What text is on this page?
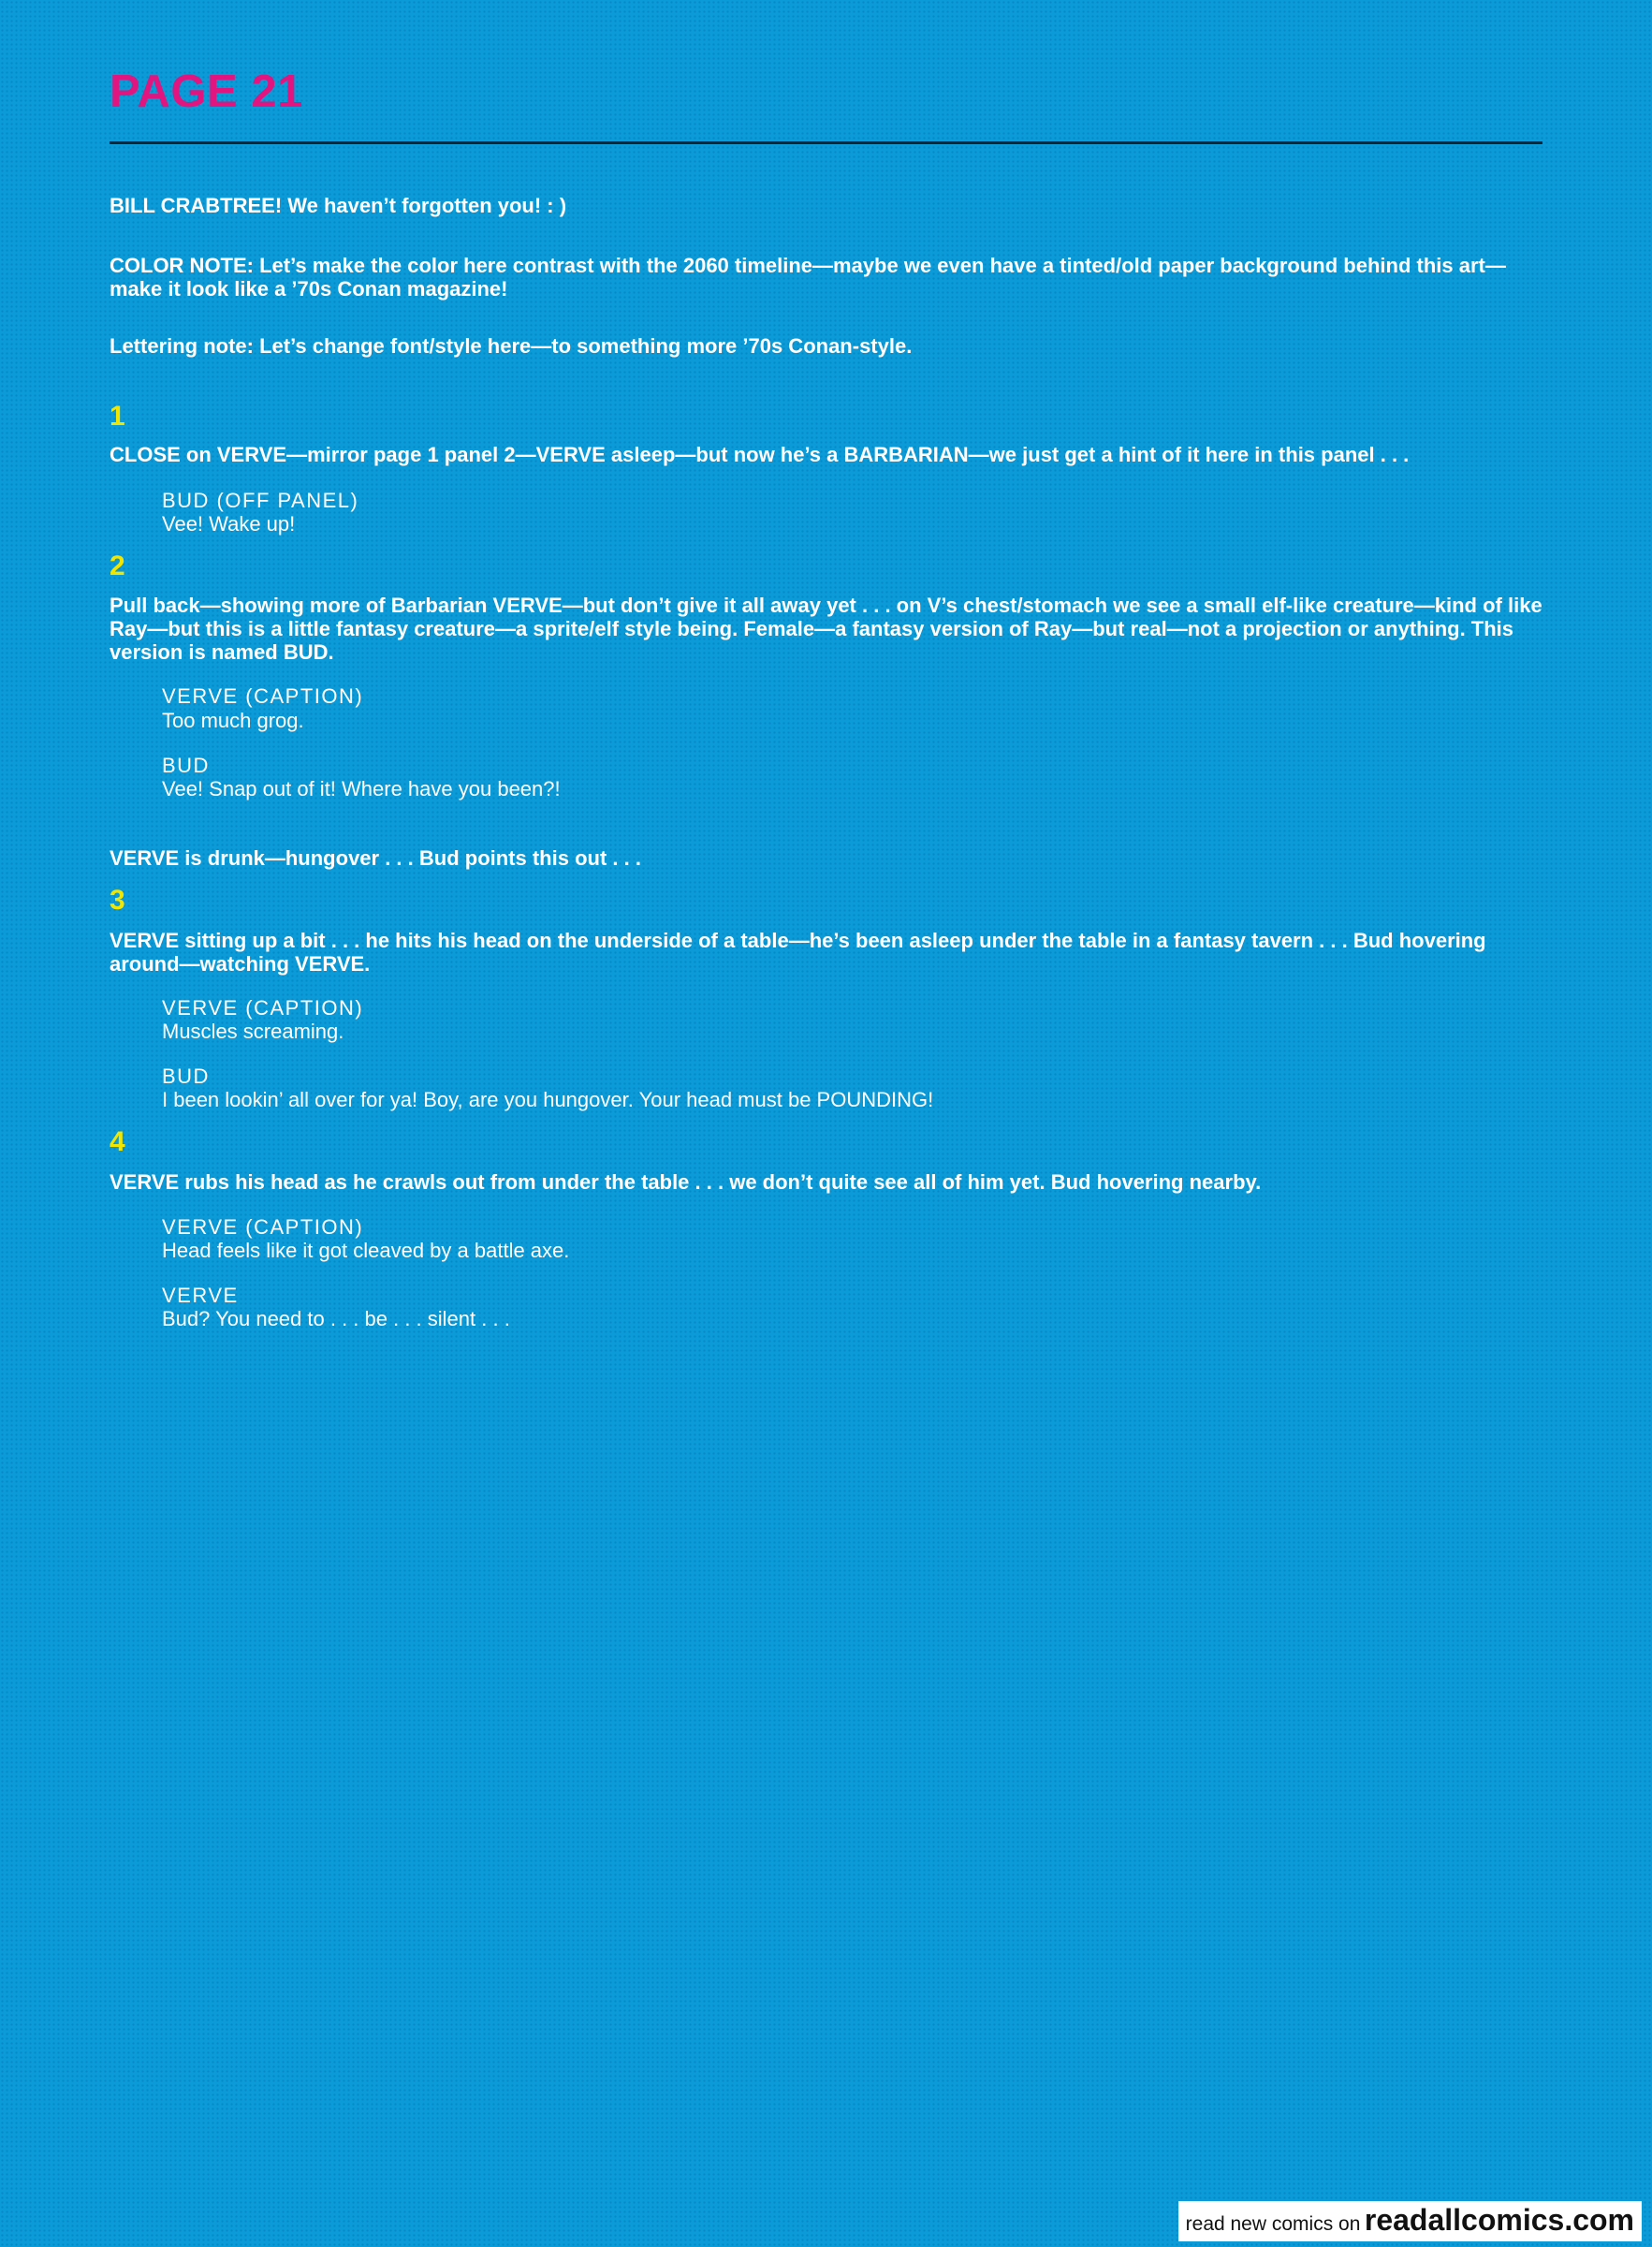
PAGE 21

BILL CRABTREE! We haven’t forgotten you! : )

COLOR NOTE: Let’s make the color here contrast with the 2060 timeline—maybe we even have a tinted/old paper background behind this art—make it look like a ’70s Conan magazine!

Lettering note: Let’s change font/style here—to something more ’70s Conan-style.

1

CLOSE on VERVE—mirror page 1 panel 2—VERVE asleep—but now he’s a BARBARIAN—we just get a hint of it here in this panel . . .

BUD (OFF PANEL)

Vee! Wake up!

2

Pull back—showing more of Barbarian VERVE—but don’t give it all away yet . . . on V’s chest/stomach we see a small elf-like creature—kind of like Ray—but this is a little fantasy creature—a sprite/elf style being. Female—a fantasy version of Ray—but real—not a projection or anything. This version is named BUD.

VERVE (CAPTION)

Too much grog.

BUD

Vee! Snap out of it! Where have you been?!

VERVE is drunk—hungover . . . Bud points this out . . .

3

VERVE sitting up a bit . . . he hits his head on the underside of a table—he’s been asleep under the table in a fantasy tavern . . . Bud hovering around—watching VERVE.

VERVE (CAPTION)

Muscles screaming.

BUD

I been lookin’ all over for ya! Boy, are you hungover. Your head must be POUNDING!

4

VERVE rubs his head as he crawls out from under the table . . . we don’t quite see all of him yet. Bud hovering nearby.

VERVE (CAPTION)

Head feels like it got cleaved by a battle axe.

VERVE

Bud? You need to . . . be . . . silent . . .

read new comics on readallcomics.com
